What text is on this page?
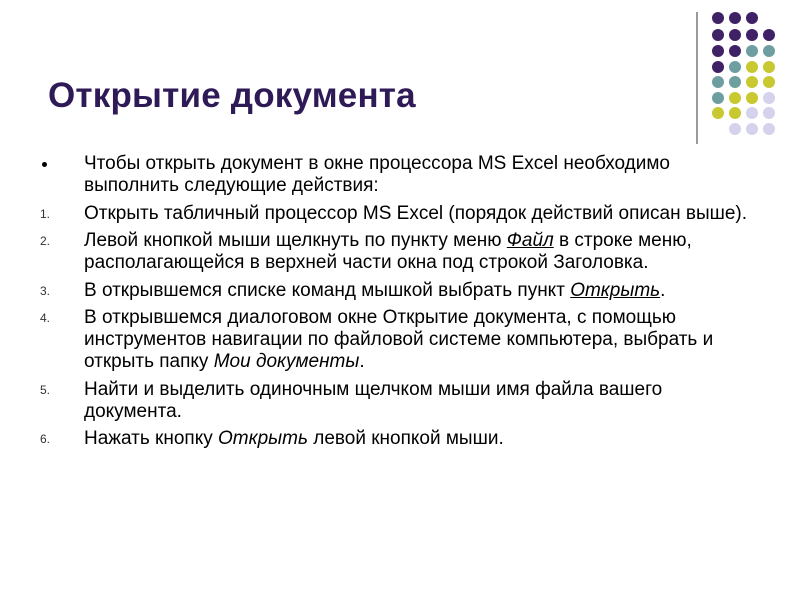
Открытие документа
Чтобы открыть документ в окне процессора MS Excel необходимо выполнить следующие действия:
1. Открыть табличный процессор MS Excel (порядок действий описан выше).
2. Левой кнопкой мыши щелкнуть по пункту меню Файл в строке меню, располагающейся в верхней части окна под строкой Заголовка.
3. В открывшемся списке команд мышкой выбрать пункт Открыть.
4. В открывшемся диалоговом окне Открытие документа, с помощью инструментов навигации по файловой системе компьютера, выбрать и открыть папку Мои документы.
5. Найти и выделить одиночным щелчком мыши имя файла вашего документа.
6. Нажать кнопку Открыть левой кнопкой мыши.
